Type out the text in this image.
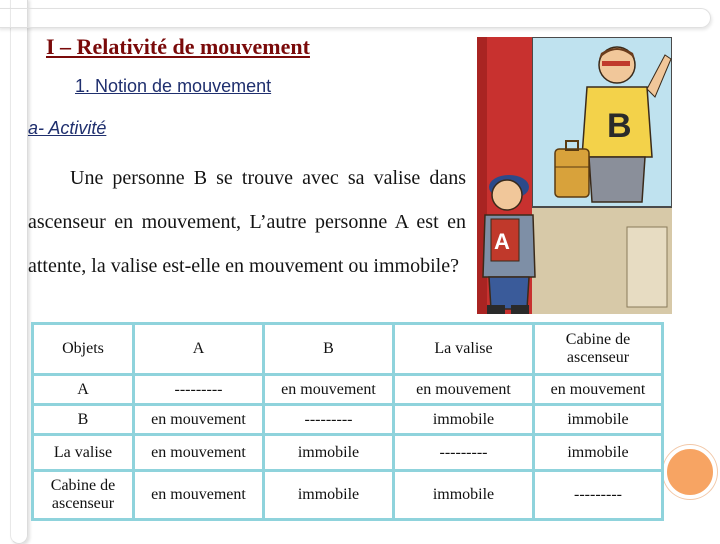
I – Relativité de mouvement
1. Notion de mouvement
a- Activité

Une personne B se trouve avec sa valise dans ascenseur en mouvement, L’autre personne A est en attente, la valise est-elle en mouvement ou immobile?

B
A
Objets	A	B	La valise	Cabine de ascenseur
A	---------	en mouvement	en mouvement	en mouvement
B	en mouvement	---------	immobile	immobile
La valise	en mouvement	immobile	---------	immobile
Cabine de ascenseur	en mouvement	immobile	immobile	---------
